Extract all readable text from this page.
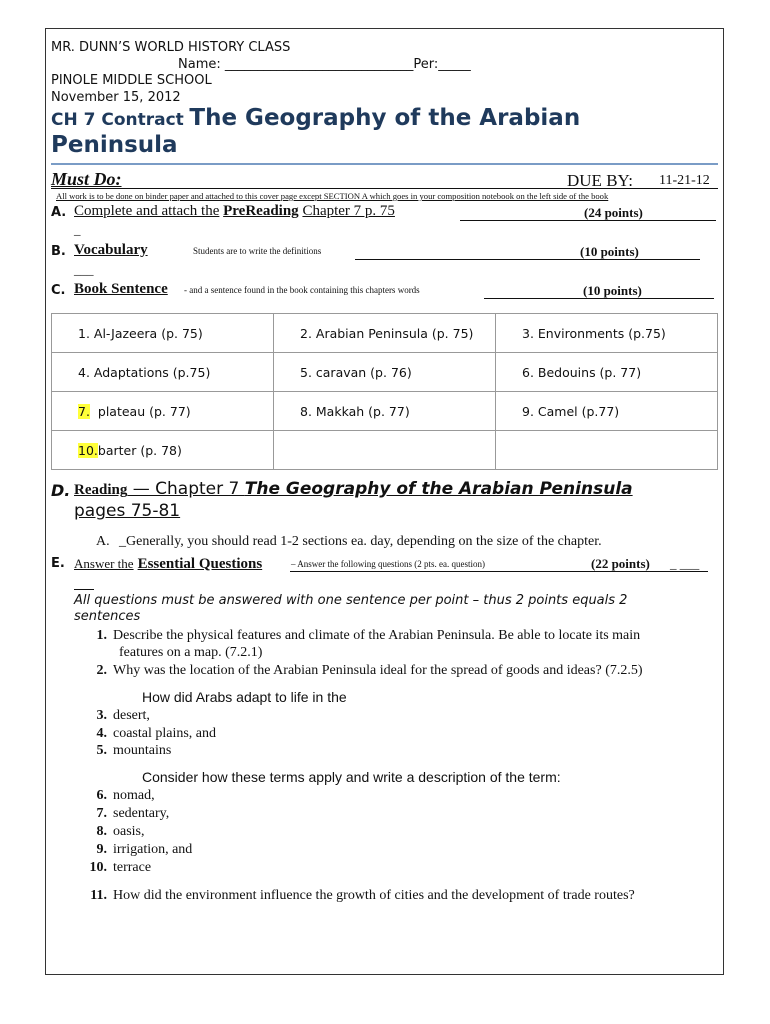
MR. DUNN’S WORLD HISTORY CLASS
Name: _____________________________Per:_____
PINOLE MIDDLE SCHOOL
November 15, 2012
CH 7 Contract The Geography of the Arabian
Peninsula
Must Do:	DUE BY: 11-21-12
All work is to be done on binder paper and attached to this cover page except SECTION A which goes in your composition notebook on the left side of the book
A. Complete and attach the PreReading Chapter 7 p. 75	(24 points)
_
B. Vocabulary	Students are to write the definitions	(10 points)
___
C. Book Sentence - and a sentence found in the book containing this chapters words	(10 points)
1. Al-Jazeera (p. 75)	2. Arabian Peninsula (p. 75)	3. Environments (p.75)
4. Adaptations (p.75)	5. caravan (p. 76)	6. Bedouins (p. 77)
7. plateau (p. 77)	8. Makkah (p. 77)	9. Camel (p.77)
10.barter (p. 78)		
D. Reading — Chapter 7 The Geography of the Arabian Peninsula
pages 75-81
A. _Generally, you should read 1-2 sections ea. day, depending on the size of the chapter.
E. Answer the Essential Questions	– Answer the following questions (2 pts. ea. question)	(22 points) _ ___
All questions must be answered with one sentence per point – thus 2 points equals 2
sentences
1. Describe the physical features and climate of the Arabian Peninsula. Be able to locate its main
features on a map. (7.2.1)
2. Why was the location of the Arabian Peninsula ideal for the spread of goods and ideas? (7.2.5)
How did Arabs adapt to life in the
3. desert,
4. coastal plains, and
5. mountains
Consider how these terms apply and write a description of the term:
6. nomad,
7. sedentary,
8. oasis,
9. irrigation, and
10. terrace
11. How did the environment influence the growth of cities and the development of trade routes?
